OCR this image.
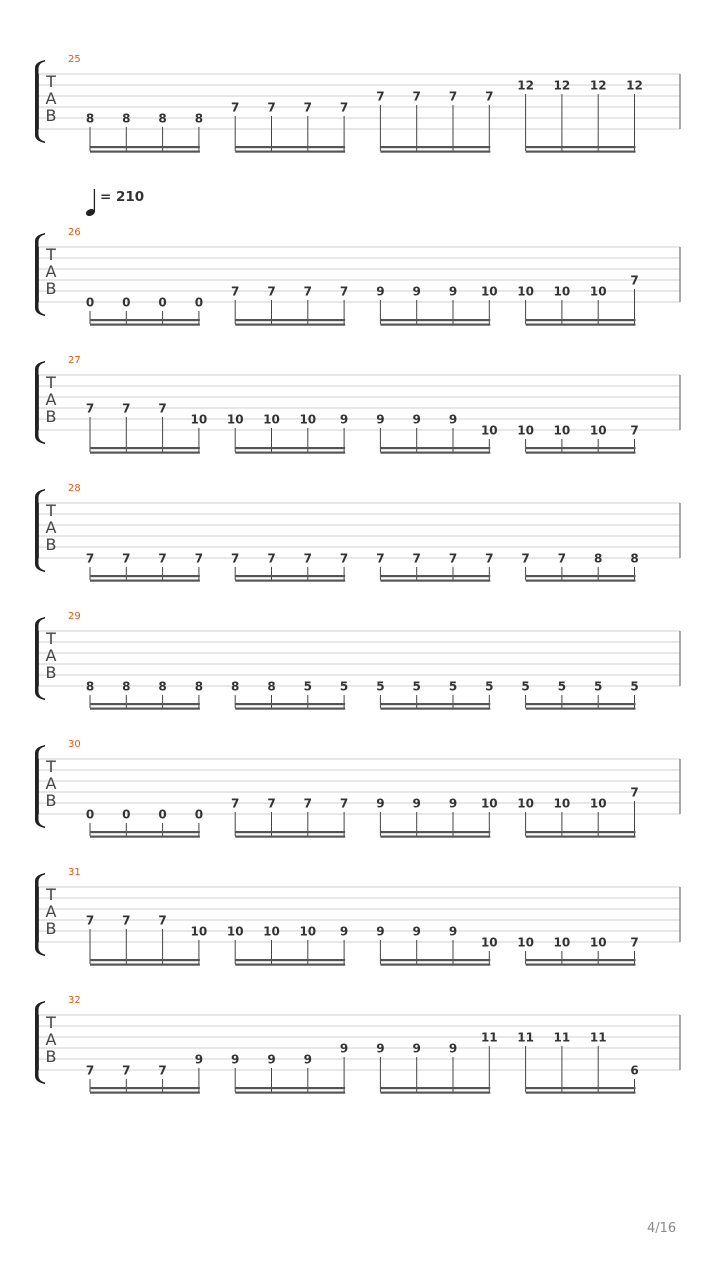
25
T
A
B 8 8 8 8
7 7 7 7
7 7 7 7
12 12 12 12
26
T
A
B
0 0 0 0
7 7 7 7 9 9 9 10 10 10 10
7
27
T
A
B 7 7 7
10 10 10 10 9 9 9 9
10 10 10 10 7
28
T
A
B
7 7 7 7 7 7 7 7 7 7 7 7 7 7 8 8
29
T
A
B
8 8 8 8 8 8 5 5 5 5 5 5 5 5 5 5
30
T
A
B
0 0 0 0
7 7 7 7 9 9 9 10 10 10 10
7
31
T
A
B 7 7 7
10 10 10 10 9 9 9 9
10 10 10 10 7
32
T
A
B
7 7 7
9 9 9 9
9 9 9 9
11 11 11 11
6
= 210
4/16
